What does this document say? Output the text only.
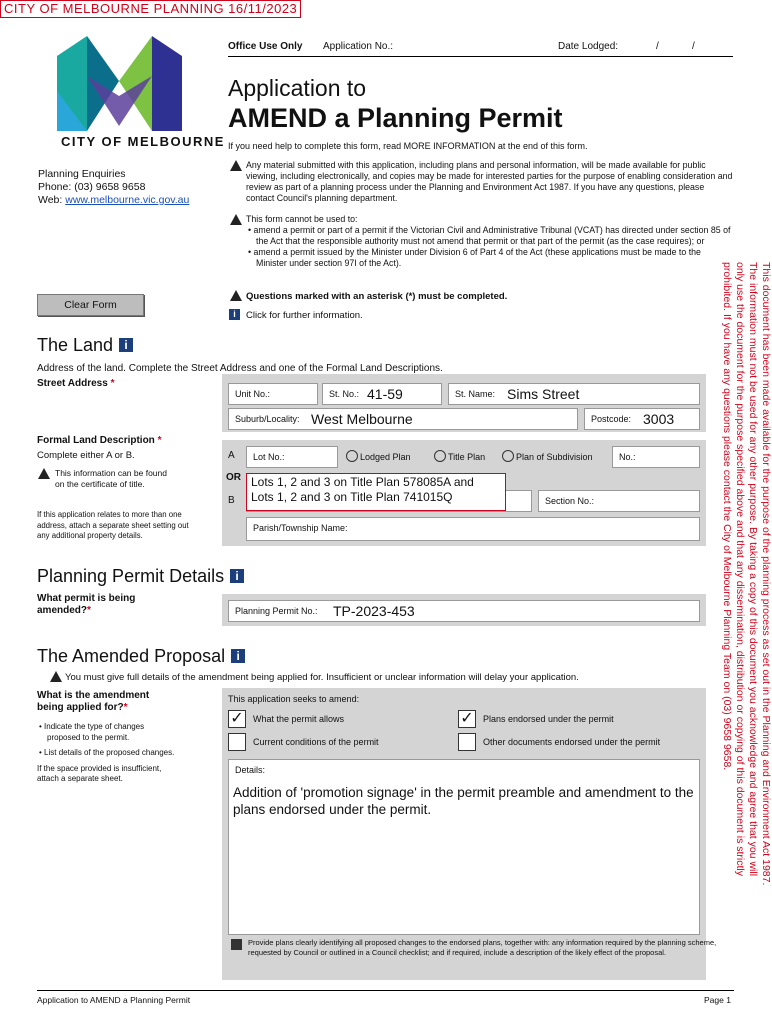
CITY OF MELBOURNE PLANNING 16/11/2023
CITY OF MELBOURNE
Planning Enquiries
Phone: (03) 9658 9658
Web: www.melbourne.vic.gov.au
Clear Form
Office Use Only Application No.:	Date Lodged:	/	/
Application to
AMEND a Planning Permit
If you need help to complete this form, read MORE INFORMATION at the end of this form.
Any material submitted with this application, including plans and personal information, will be made available for public viewing, including electronically, and copies may be made for interested parties for the purpose of enabling consideration and review as part of a planning process under the Planning and Environment Act 1987. If you have any questions, please contact Council's planning department.
This form cannot be used to:
• amend a permit or part of a permit if the Victorian Civil and Administrative Tribunal (VCAT) has directed under section 85 of the Act that the responsible authority must not amend that permit or that part of the permit (as the case requires); or
• amend a permit issued by the Minister under Division 6 of Part 4 of the Act (these applications must be made to the Minister under section 97I of the Act).
Questions marked with an asterisk (*) must be completed.
i	Click for further information.
The Land i
Address of the land. Complete the Street Address and one of the Formal Land Descriptions.
Street Address *
Unit No.:	St. No.: 41-59	St. Name: Sims Street
Suburb/Locality: West Melbourne	Postcode: 3003
Formal Land Description *
Complete either A or B.
This information can be found on the certificate of title.
If this application relates to more than one address, attach a separate sheet setting out any additional property details.
A Lot No.:	Lodged Plan	Title Plan	Plan of Subdivision	No.:
OR
B	Section No.:
Parish/Township Name:
Lots 1, 2 and 3 on Title Plan 578085A and
Lots 1, 2 and 3 on Title Plan 741015Q
Planning Permit Details i
What permit is being amended?*	Planning Permit No.: TP-2023-453
The Amended Proposal i
You must give full details of the amendment being applied for. Insufficient or unclear information will delay your application.
What is the amendment being applied for?*
• Indicate the type of changes proposed to the permit.
• List details of the proposed changes.
If the space provided is insufficient, attach a separate sheet.
This application seeks to amend:
✓ What the permit allows	✓ Plans endorsed under the permit
Current conditions of the permit	Other documents endorsed under the permit
Details:
Addition of 'promotion signage' in the permit preamble and amendment to the plans endorsed under the permit.
Provide plans clearly identifying all proposed changes to the endorsed plans, together with: any information required by the planning scheme, requested by Council or outlined in a Council checklist; and if required, include a description of the likely effect of the proposal.
This document has been made available for the purpose of the planning process as set out in the Planning and Environment Act 1987.
The information must not be used for any other purpose. By taking a copy of this document you acknowledge and agree that you will
only use the document for the purpose specified above and that any dissemination, distribution or copying of this document is strictly
prohibited. If you have any questions please contact the City of Melbourne Planning Team on (03) 9658 9658.
Application to AMEND a Planning Permit	Page 1
